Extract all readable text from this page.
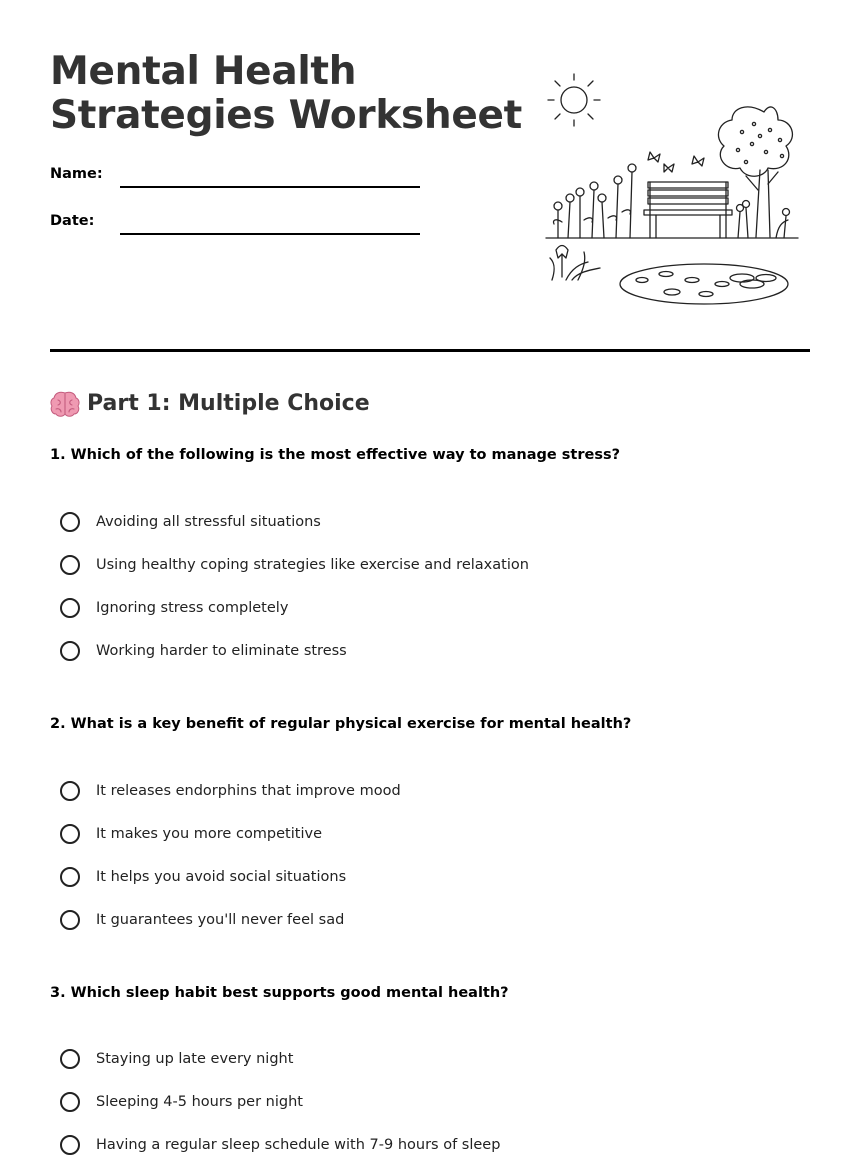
Mental Health
Strategies Worksheet
Name:
Date:
Part 1: Multiple Choice

1. Which of the following is the most effective way to manage stress?

Avoiding all stressful situations
Using healthy coping strategies like exercise and relaxation
Ignoring stress completely
Working harder to eliminate stress

2. What is a key benefit of regular physical exercise for mental health?

It releases endorphins that improve mood
It makes you more competitive
It helps you avoid social situations
It guarantees you'll never feel sad

3. Which sleep habit best supports good mental health?

Staying up late every night
Sleeping 4-5 hours per night
Having a regular sleep schedule with 7-9 hours of sleep
